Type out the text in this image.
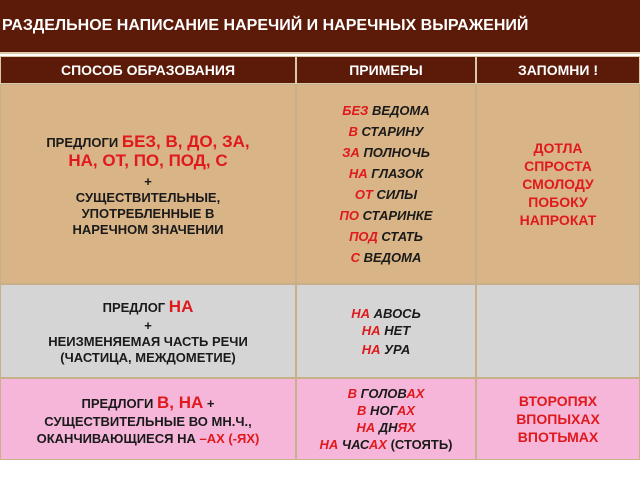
РАЗДЕЛЬНОЕ НАПИСАНИЕ НАРЕЧИЙ И НАРЕЧНЫХ ВЫРАЖЕНИЙ
СПОСОБ ОБРАЗОВАНИЯ	ПРИМЕРЫ	ЗАПОМНИ !
ПРЕДЛОГИ БЕЗ, В, ДО, ЗА,
НА, ОТ, ПО, ПОД, С
+
СУЩЕСТВИТЕЛЬНЫЕ,
УПОТРЕБЛЕННЫЕ В
НАРЕЧНОМ ЗНАЧЕНИИ
БЕЗ ВЕДОМА
В СТАРИНУ
ЗА ПОЛНОЧЬ
НА ГЛАЗОК
ОТ СИЛЫ
ПО СТАРИНКЕ
ПОД СТАТЬ
С ВЕДОМА
ДОТЛА
СПРОСТА
СМОЛОДУ
ПОБОКУ
НАПРОКАТ
ПРЕДЛОГ НА
+
НЕИЗМЕНЯЕМАЯ ЧАСТЬ РЕЧИ
(ЧАСТИЦА, МЕЖДОМЕТИЕ)
НА АВОСЬ
НА НЕТ
НА УРА
ПРЕДЛОГИ В, НА +
СУЩЕСТВИТЕЛЬНЫЕ ВО МН.Ч.,
ОКАНЧИВАЮЩИЕСЯ НА –АХ (-ЯХ)
В ГОЛОВАХ
В НОГАХ
НА ДНЯХ
НА ЧАСАХ (СТОЯТЬ)
ВТОРОПЯХ
ВПОПЫХАХ
ВПОТЬМАХ
